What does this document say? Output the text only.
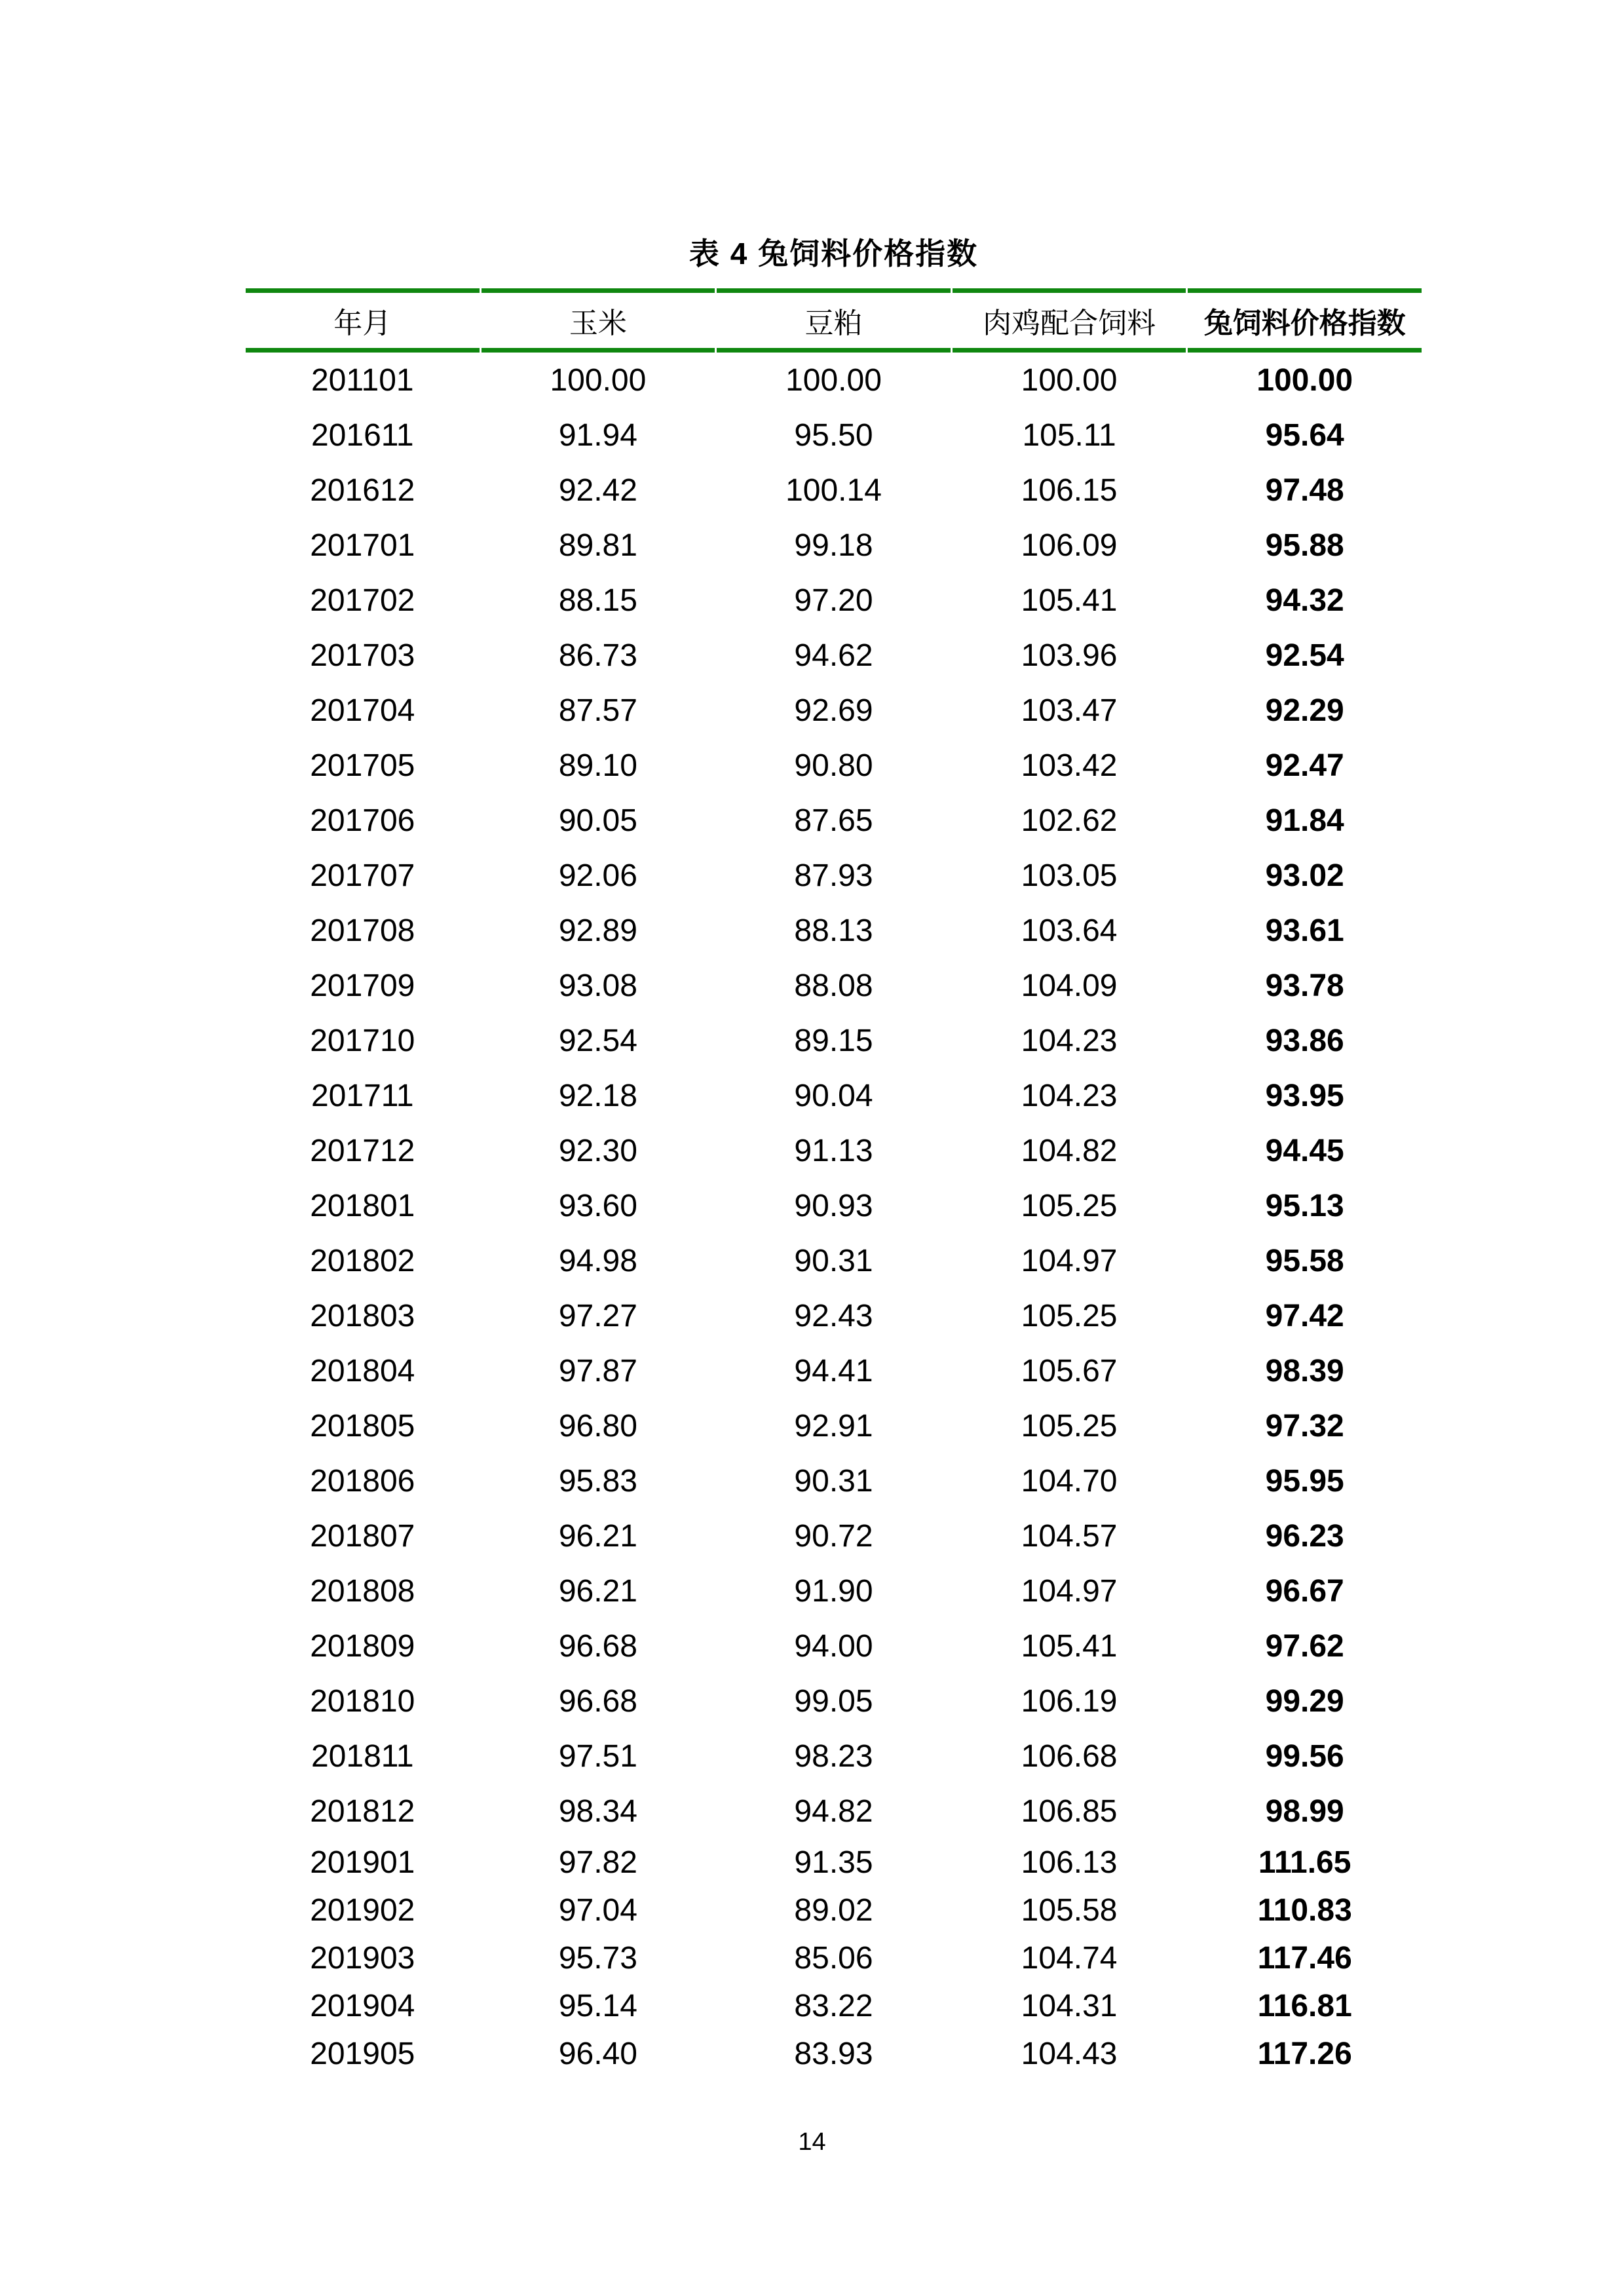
表 4 兔饲料价格指数
年月	玉米	豆粕	肉鸡配合饲料	兔饲料价格指数
201101	100.00	100.00	100.00	100.00
201611	91.94	95.50	105.11	95.64
201612	92.42	100.14	106.15	97.48
201701	89.81	99.18	106.09	95.88
201702	88.15	97.20	105.41	94.32
201703	86.73	94.62	103.96	92.54
201704	87.57	92.69	103.47	92.29
201705	89.10	90.80	103.42	92.47
201706	90.05	87.65	102.62	91.84
201707	92.06	87.93	103.05	93.02
201708	92.89	88.13	103.64	93.61
201709	93.08	88.08	104.09	93.78
201710	92.54	89.15	104.23	93.86
201711	92.18	90.04	104.23	93.95
201712	92.30	91.13	104.82	94.45
201801	93.60	90.93	105.25	95.13
201802	94.98	90.31	104.97	95.58
201803	97.27	92.43	105.25	97.42
201804	97.87	94.41	105.67	98.39
201805	96.80	92.91	105.25	97.32
201806	95.83	90.31	104.70	95.95
201807	96.21	90.72	104.57	96.23
201808	96.21	91.90	104.97	96.67
201809	96.68	94.00	105.41	97.62
201810	96.68	99.05	106.19	99.29
201811	97.51	98.23	106.68	99.56
201812	98.34	94.82	106.85	98.99
201901	97.82	91.35	106.13	111.65
201902	97.04	89.02	105.58	110.83
201903	95.73	85.06	104.74	117.46
201904	95.14	83.22	104.31	116.81
201905	96.40	83.93	104.43	117.26
14
